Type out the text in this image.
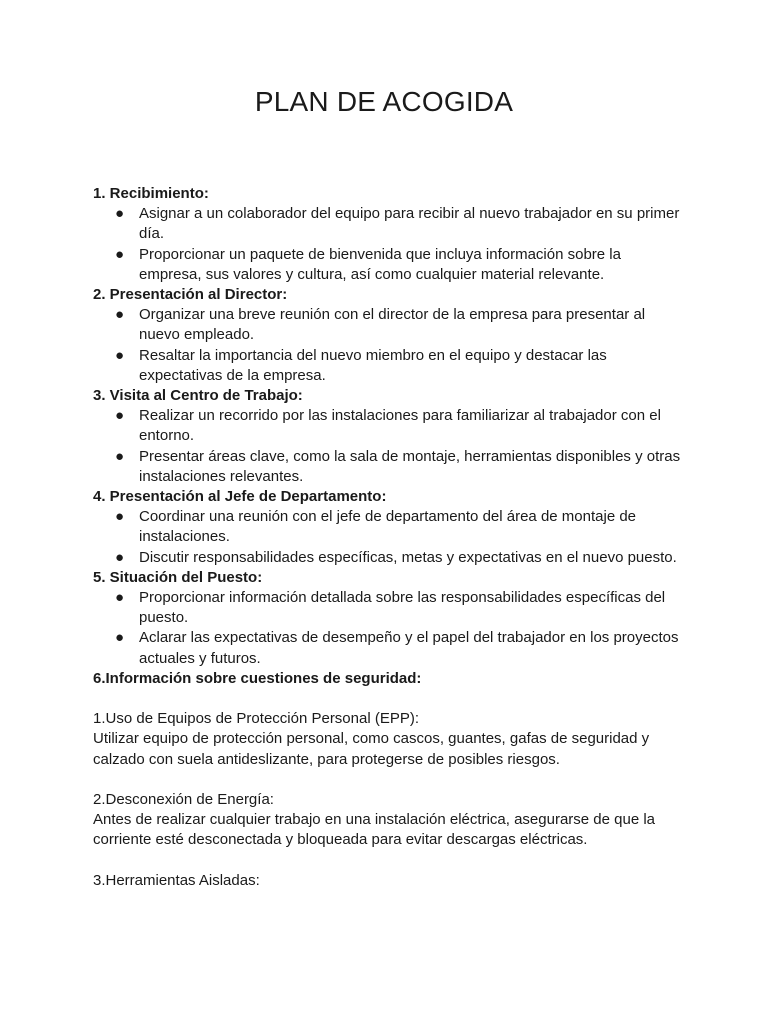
PLAN DE ACOGIDA

1. Recibimiento:

● Asignar a un colaborador del equipo para recibir al nuevo trabajador en su primer día.
● Proporcionar un paquete de bienvenida que incluya información sobre la empresa, sus valores y cultura, así como cualquier material relevante.

2. Presentación al Director:

● Organizar una breve reunión con el director de la empresa para presentar al nuevo empleado.
● Resaltar la importancia del nuevo miembro en el equipo y destacar las expectativas de la empresa.

3. Visita al Centro de Trabajo:

● Realizar un recorrido por las instalaciones para familiarizar al trabajador con el entorno.
● Presentar áreas clave, como la sala de montaje, herramientas disponibles y otras instalaciones relevantes.

4. Presentación al Jefe de Departamento:

● Coordinar una reunión con el jefe de departamento del área de montaje de instalaciones.
● Discutir responsabilidades específicas, metas y expectativas en el nuevo puesto.

5. Situación del Puesto:

● Proporcionar información detallada sobre las responsabilidades específicas del puesto.
● Aclarar las expectativas de desempeño y el papel del trabajador en los proyectos actuales y futuros.

6.Información sobre cuestiones de seguridad:

1.Uso de Equipos de Protección Personal (EPP):

Utilizar equipo de protección personal, como cascos, guantes, gafas de seguridad y calzado con suela antideslizante, para protegerse de posibles riesgos.

2.Desconexión de Energía:

Antes de realizar cualquier trabajo en una instalación eléctrica, asegurarse de que la corriente esté desconectada y bloqueada para evitar descargas eléctricas.

3.Herramientas Aisladas:
